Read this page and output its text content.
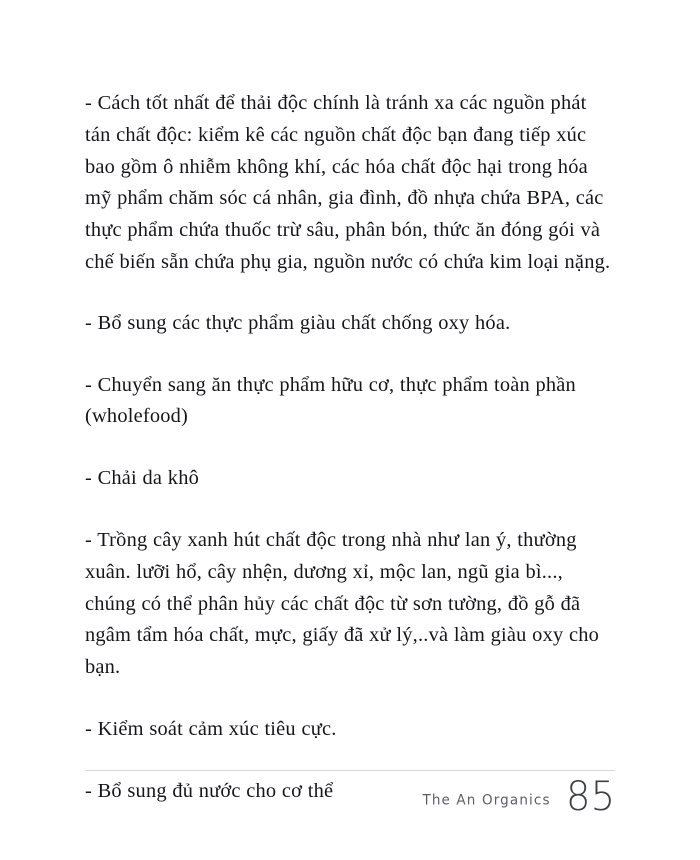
- Cách tốt nhất để thải độc chính là tránh xa các nguồn phát tán chất độc: kiểm kê các nguồn chất độc bạn đang tiếp xúc bao gồm ô nhiễm không khí, các hóa chất độc hại trong hóa mỹ phẩm chăm sóc cá nhân, gia đình, đồ nhựa chứa BPA, các thực phẩm chứa thuốc trừ sâu, phân bón, thức ăn đóng gói và chế biến sẵn chứa phụ gia, nguồn nước có chứa kim loại nặng.

- Bổ sung các thực phẩm giàu chất chống oxy hóa.

- Chuyển sang ăn thực phẩm hữu cơ, thực phẩm toàn phần (wholefood)

- Chải da khô

- Trồng cây xanh hút chất độc trong nhà như lan ý, thường xuân. lưỡi hổ, cây nhện, dương xỉ, mộc lan, ngũ gia bì..., chúng có thể phân hủy các chất độc từ sơn tường, đồ gỗ đã ngâm tẩm hóa chất, mực, giấy đã xử lý,..và làm giàu oxy cho bạn.

- Kiểm soát cảm xúc tiêu cực.

- Bổ sung đủ nước cho cơ thể	The An Organics 85
